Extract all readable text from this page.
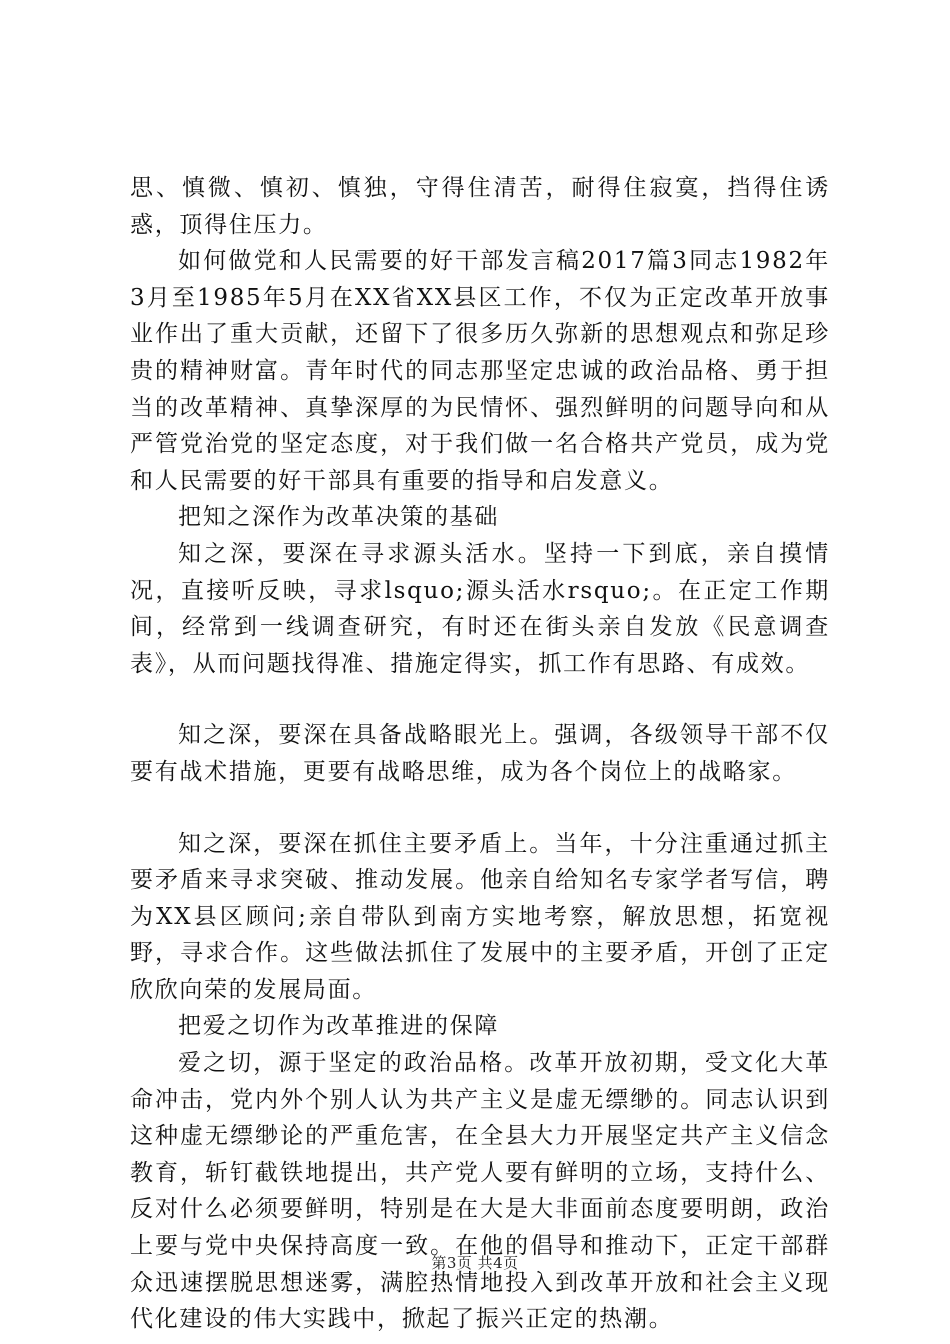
思、慎微、慎初、慎独，守得住清苦，耐得住寂寞，挡得住诱惑，顶得住压力。

如何做党和人民需要的好干部发言稿2017篇3同志1982年3月至1985年5月在XX省XX县区工作，不仅为正定改革开放事业作出了重大贡献，还留下了很多历久弥新的思想观点和弥足珍贵的精神财富。青年时代的同志那坚定忠诚的政治品格、勇于担当的改革精神、真挚深厚的为民情怀、强烈鲜明的问题导向和从严管党治党的坚定态度，对于我们做一名合格共产党员，成为党和人民需要的好干部具有重要的指导和启发意义。

把知之深作为改革决策的基础

知之深，要深在寻求源头活水。坚持一下到底，亲自摸情况，直接听反映，寻求lsquo;源头活水rsquo;。在正定工作期间，经常到一线调查研究，有时还在街头亲自发放《民意调查表》，从而问题找得准、措施定得实，抓工作有思路、有成效。

知之深，要深在具备战略眼光上。强调，各级领导干部不仅要有战术措施，更要有战略思维，成为各个岗位上的战略家。

知之深，要深在抓住主要矛盾上。当年，十分注重通过抓主要矛盾来寻求突破、推动发展。他亲自给知名专家学者写信，聘为XX县区顾问;亲自带队到南方实地考察，解放思想，拓宽视野，寻求合作。这些做法抓住了发展中的主要矛盾，开创了正定欣欣向荣的发展局面。

把爱之切作为改革推进的保障

爱之切，源于坚定的政治品格。改革开放初期，受文化大革命冲击，党内外个别人认为共产主义是虚无缥缈的。同志认识到这种虚无缥缈论的严重危害，在全县大力开展坚定共产主义信念教育，斩钉截铁地提出，共产党人要有鲜明的立场，支持什么、反对什么必须要鲜明，特别是在大是大非面前态度要明朗，政治上要与党中央保持高度一致。在他的倡导和推动下，正定干部群众迅速摆脱思想迷雾，满腔热情地投入到改革开放和社会主义现代化建设的伟大实践中，掀起了振兴正定的热潮。

第3页 共4页
